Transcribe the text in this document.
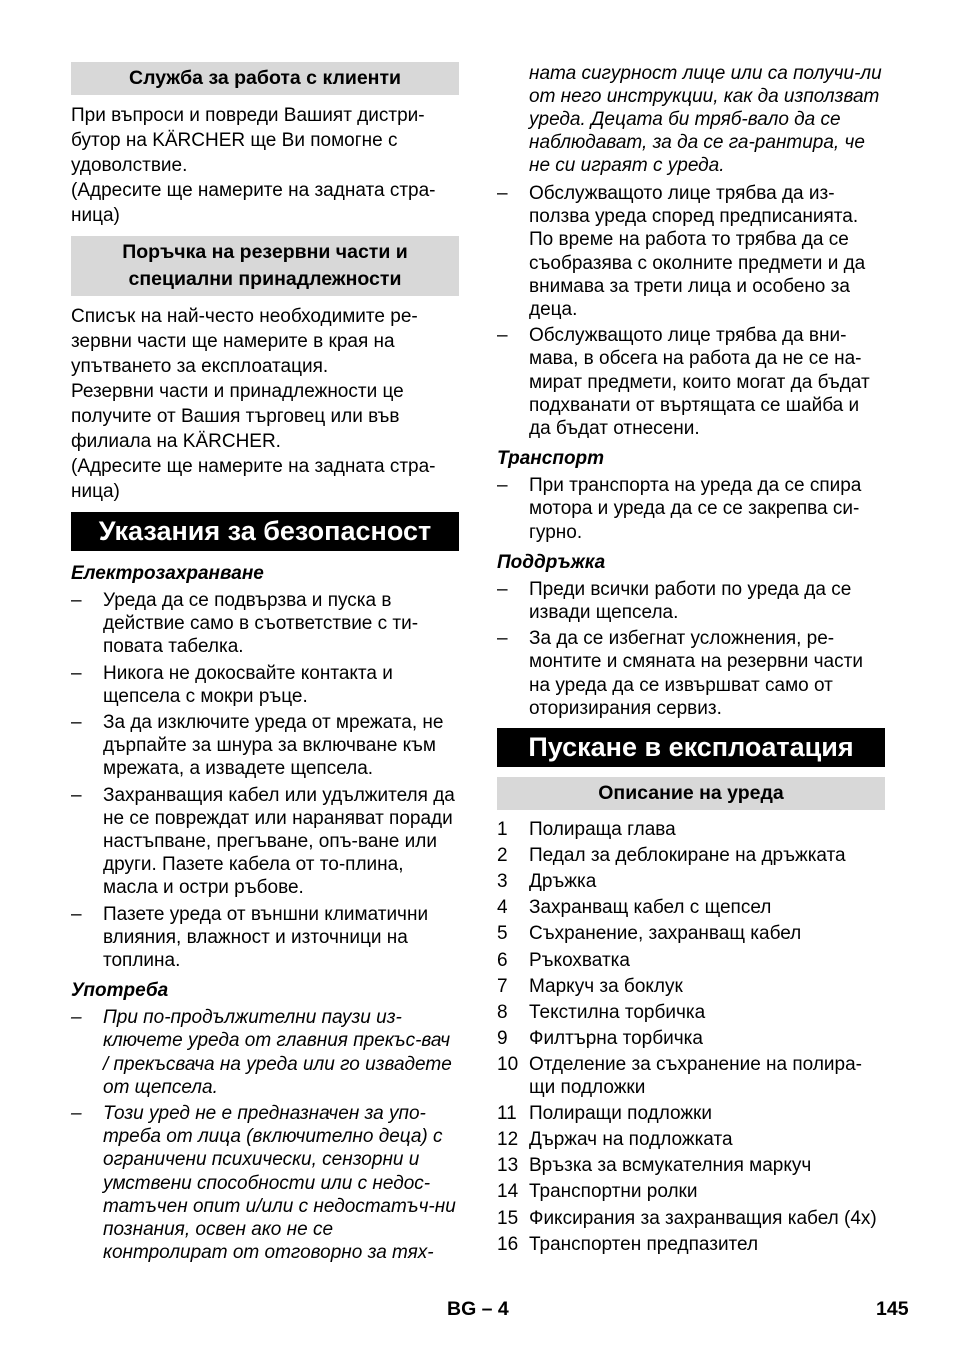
Служба за работа с клиенти

При въпроси и повреди Вашият дистри-бутор на KÄRCHER ще Ви помогне с удоволствие.

(Адресите ще намерите на задната стра-ница)

Поръчка на резервни части и специални принадлежности

Списък на най-често необходимите ре-зервни части ще намерите в края на упътването за експлоатация.

Резервни части и принадлежности це получите от Вашия търговец или във филиала на KÄRCHER.

(Адресите ще намерите на задната стра-ница)

Указания за безопасност
Електрозахранване
–	Уреда да се подвързва и пуска в действие само в съответствие с ти-повата табелка.
–	Никога не докосвайте контакта и щепсела с мокри ръце.
–	За да изключите уреда от мрежата, не дърпайте за шнура за включване към мрежата, а извадете щепсела.
–	Захранващия кабел или удължителя да не се повреждат или нараняват поради настъпване, прегъване, опъ-ване или други. Пазете кабела от то-плина, масла и остри ръбове.
–	Пазете уреда от външни климатични влияния, влажност и източници на топлина.
Употреба
–	При по-продължителни паузи из-ключете уреда от главния прекъс-вач / прекъсвача на уреда или го извадете от щепсела.
–	Този уред не е предназначен за упо-треба от лица (включително деца) с ограничени психически, сензорни и умствени способности или с недос-татъчен опит и/или с недостатъч-ни познания, освен ако не се контролират от отговорно за тях-

ната сигурност лице или са получи-ли от него инструкции, как да използват уреда. Децата би тряб-вало да се наблюдават, за да се га-рантира, че не си играят с уреда.

–	Обслужващото лице трябва да из-ползва уреда според предписанията. По време на работа то трябва да се съобразява с околните предмети и да внимава за трети лица и особено за деца.
–	Обслужващото лице трябва да вни-мава, в обсега на работа да не се на-мират предмети, които могат да бъдат подхванати от въртящата се шайба и да бъдат отнесени.
Транспорт
–	При транспорта на уреда да се спира мотора и уреда да се се закрепва си-гурно.
Поддръжка
–	Преди всички работи по уреда да се извади щепсела.
–	За да се избегнат усложнения, ре-монтите и смяната на резервни части на уреда да се извършват само от оторизирания сервиз.
Пускане в експлоатация
Описание на уреда
1 Полираща глава
2 Педал за деблокиране на дръжката
3 Дръжка
4 Захранващ кабел с щепсел
5 Съхранение, захранващ кабел
6 Ръкохватка
7 Маркуч за боклук
8 Текстилна торбичка
9 Филтърна торбичка
10 Отделение за съхранение на полира-щи подложки
11 Полиращи подложки
12 Държач на подложката
13 Връзка за всмукателния маркуч
14 Транспортни ролки
15 Фиксирания за захранващия кабел (4x)
16 Транспортен предпазител
BG – 4	145
